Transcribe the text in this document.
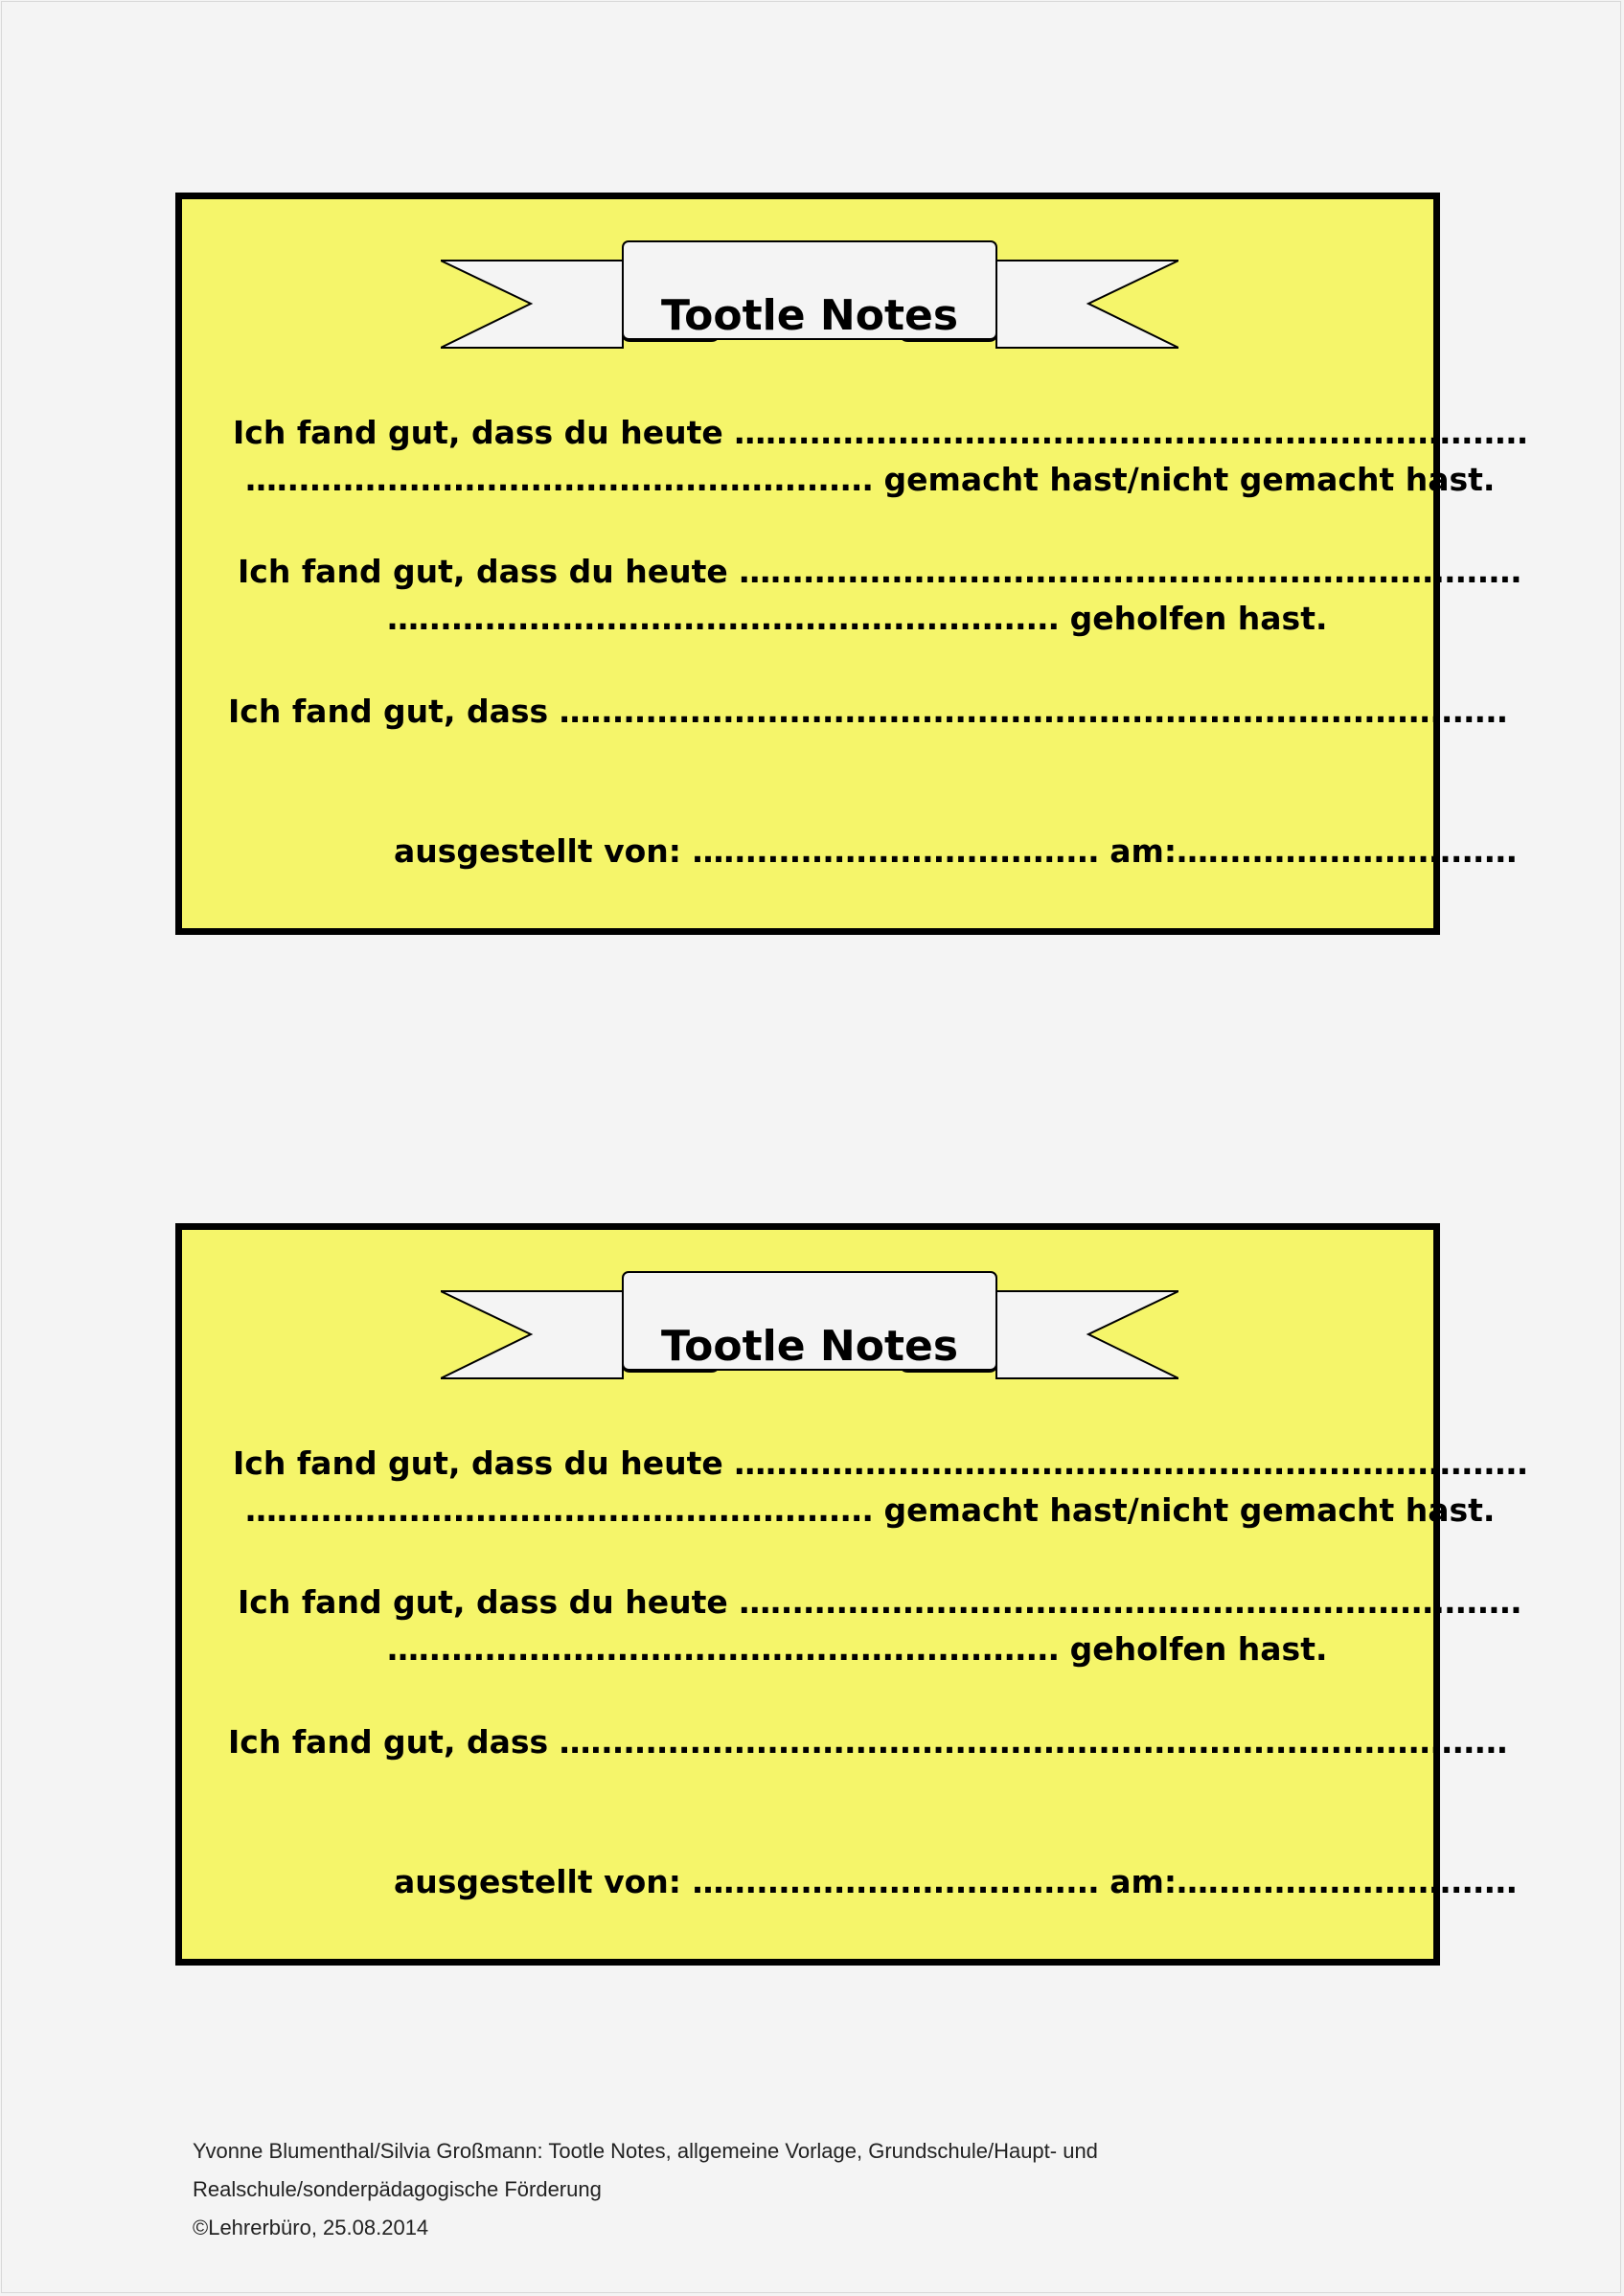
Tootle Notes
Ich fand gut, dass du heute ….....................................................................
…...................................................... gemacht hast/nicht gemacht hast.
Ich fand gut, dass du heute …....................................................................
….......................................................... geholfen hast.
Ich fand gut, dass …...................................................................................
ausgestellt von: ….................................. am:…............................
Tootle Notes
Ich fand gut, dass du heute ….....................................................................
…...................................................... gemacht hast/nicht gemacht hast.
Ich fand gut, dass du heute …....................................................................
….......................................................... geholfen hast.
Ich fand gut, dass …...................................................................................
ausgestellt von: ….................................. am:…............................
Yvonne Blumenthal/Silvia Großmann: Tootle Notes, allgemeine Vorlage, Grundschule/Haupt- und
Realschule/sonderpädagogische Förderung
©Lehrerbüro, 25.08.2014
